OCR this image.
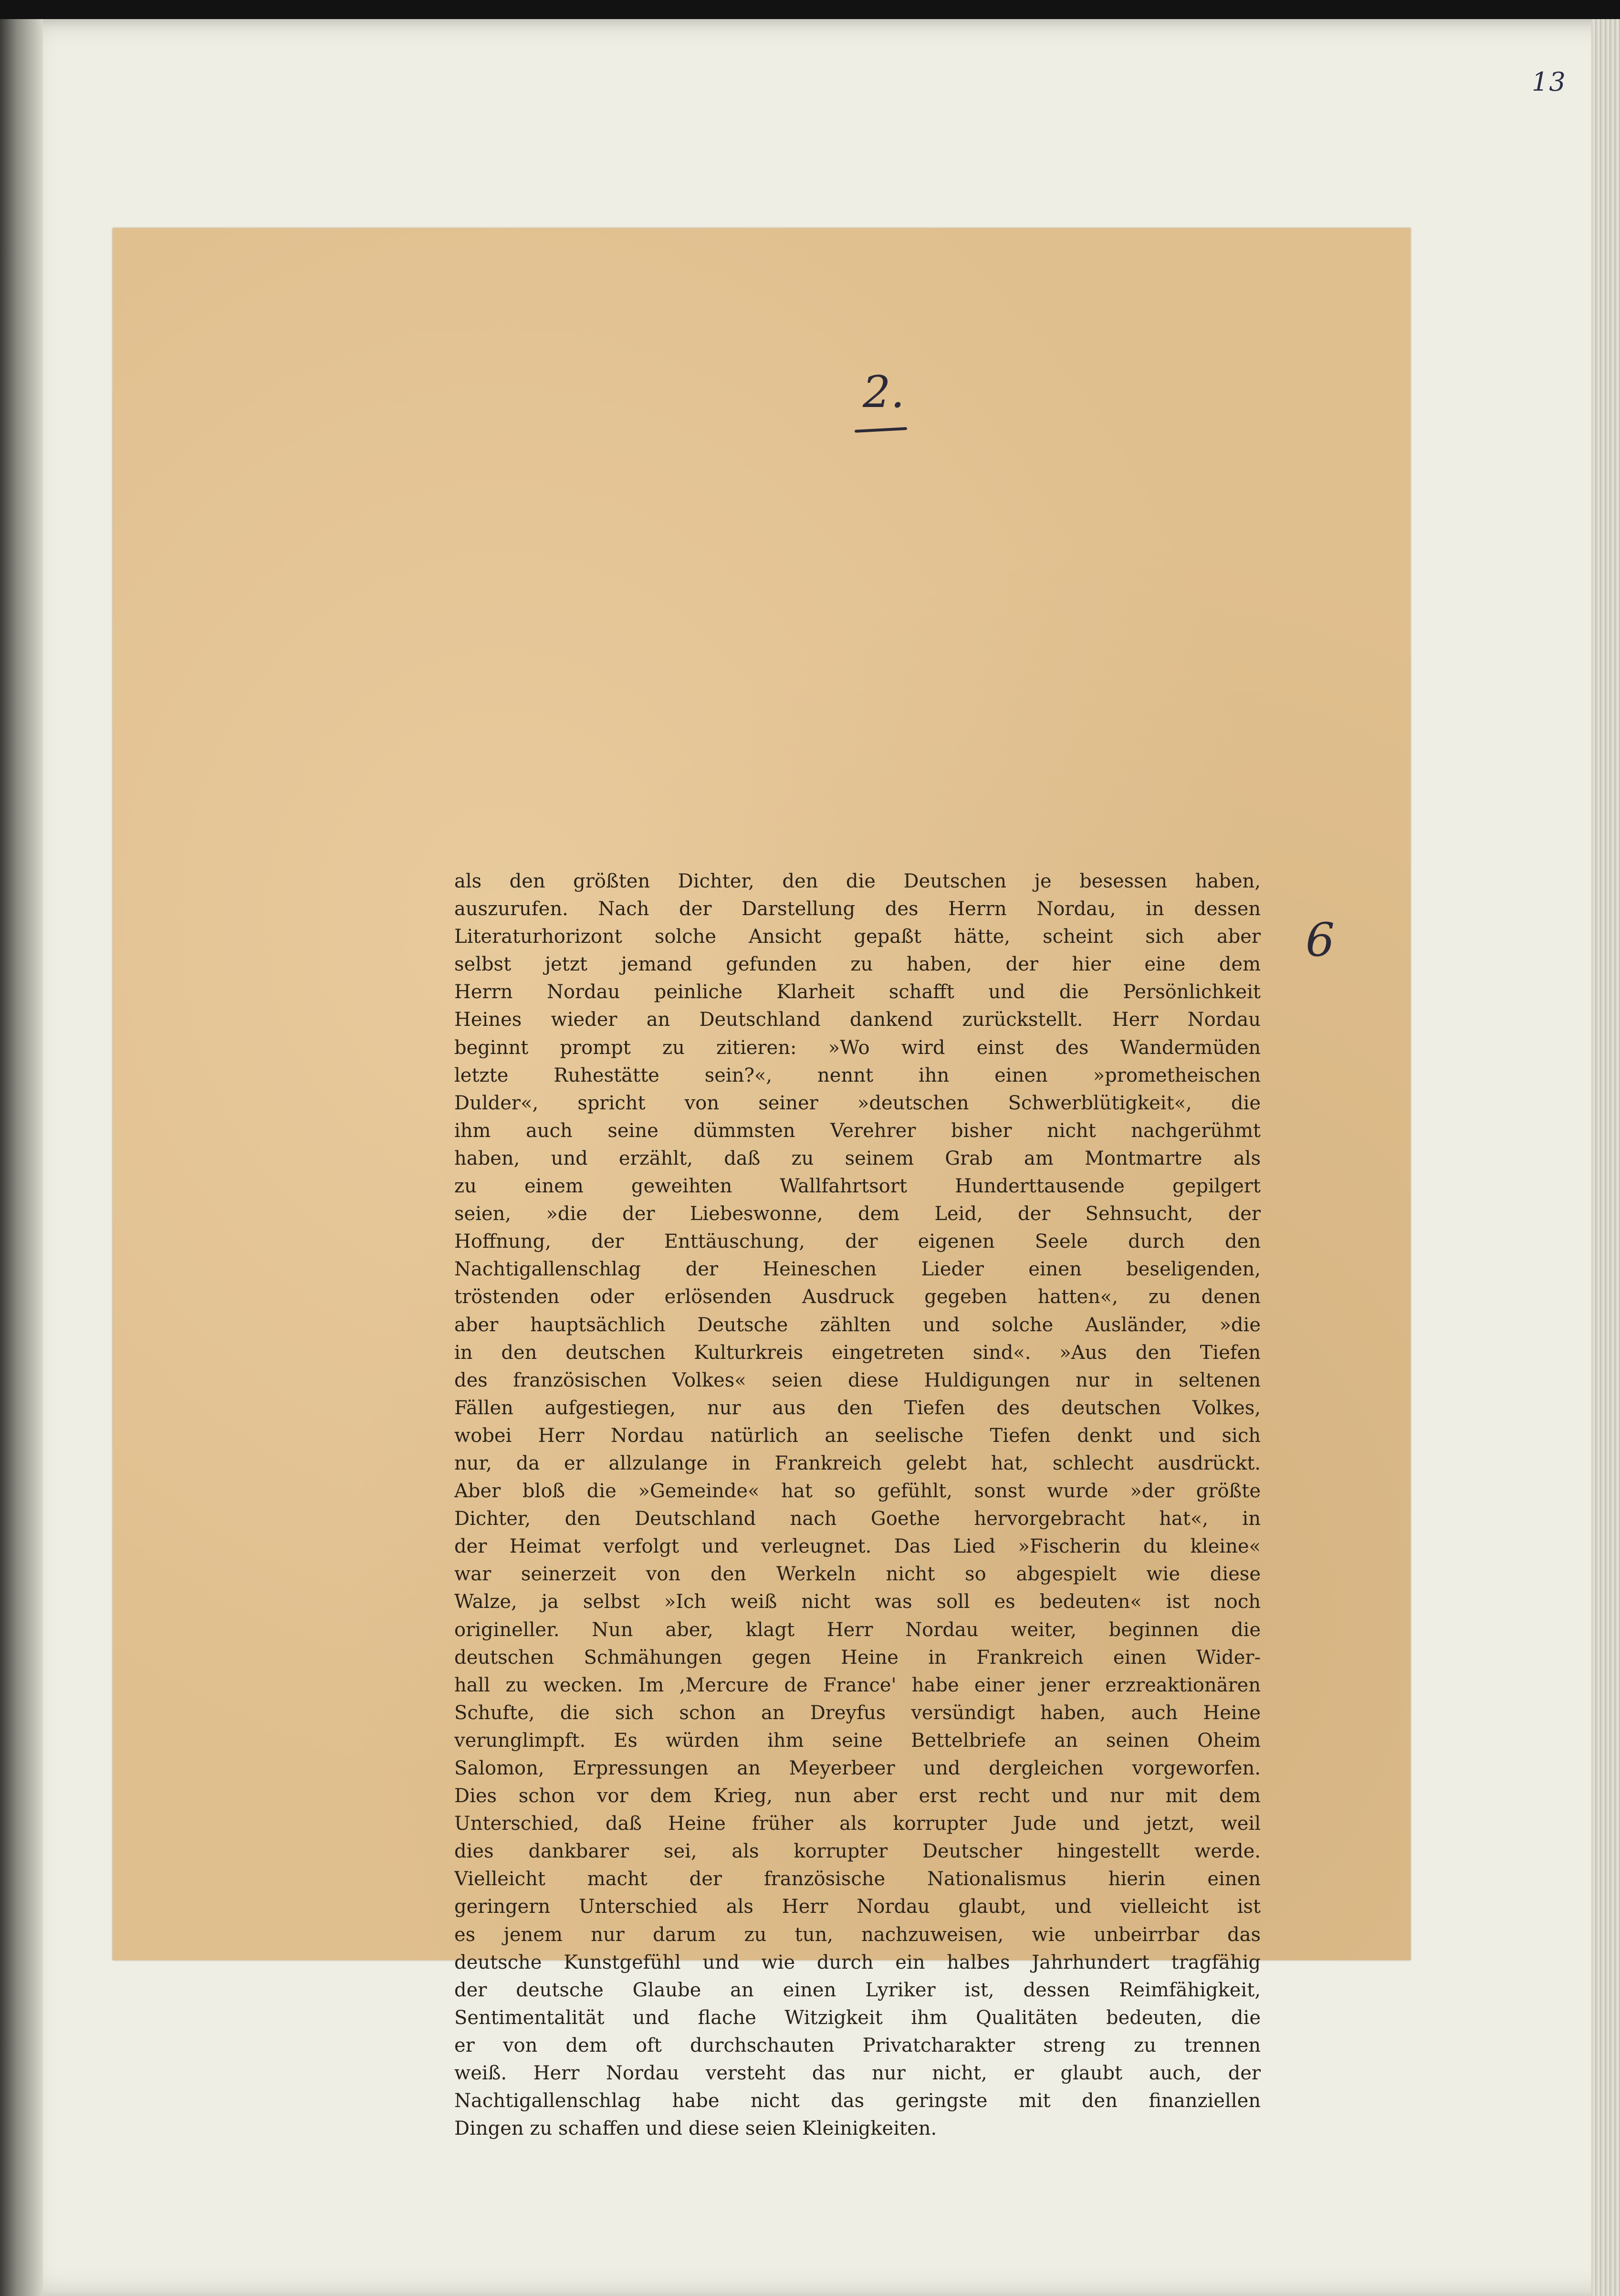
13
2.
als den größten Dichter, den die Deutschen je besessen haben,
auszurufen. Nach der Darstellung des Herrn Nordau, in dessen
Literaturhorizont solche Ansicht gepaßt hätte, scheint sich aber
selbst jetzt jemand gefunden zu haben, der hier eine dem
Herrn Nordau peinliche Klarheit schafft und die Persönlichkeit
Heines wieder an Deutschland dankend zurückstellt. Herr Nordau
beginnt prompt zu zitieren: »Wo wird einst des Wandermüden
letzte Ruhestätte sein?«, nennt ihn einen »prometheischen
Dulder«, spricht von seiner »deutschen Schwerblütigkeit«, die
ihm auch seine dümmsten Verehrer bisher nicht nachgerühmt
haben, und erzählt, daß zu seinem Grab am Montmartre als
zu einem geweihten Wallfahrtsort Hunderttausende gepilgert
seien, »die der Liebeswonne, dem Leid, der Sehnsucht, der
Hoffnung, der Enttäuschung, der eigenen Seele durch den
Nachtigallenschlag der Heineschen Lieder einen beseligenden,
tröstenden oder erlösenden Ausdruck gegeben hatten«, zu denen
aber hauptsächlich Deutsche zählten und solche Ausländer, »die
in den deutschen Kulturkreis eingetreten sind«. »Aus den Tiefen
des französischen Volkes« seien diese Huldigungen nur in seltenen
Fällen aufgestiegen, nur aus den Tiefen des deutschen Volkes,
wobei Herr Nordau natürlich an seelische Tiefen denkt und sich
nur, da er allzulange in Frankreich gelebt hat, schlecht ausdrückt.
Aber bloß die »Gemeinde« hat so gefühlt, sonst wurde »der größte
Dichter, den Deutschland nach Goethe hervorgebracht hat«, in
der Heimat verfolgt und verleugnet. Das Lied »Fischerin du kleine«
war seinerzeit von den Werkeln nicht so abgespielt wie diese
Walze, ja selbst »Ich weiß nicht was soll es bedeuten« ist noch
origineller. Nun aber, klagt Herr Nordau weiter, beginnen die
deutschen Schmähungen gegen Heine in Frankreich einen Wider-
hall zu wecken. Im ,Mercure de France' habe einer jener erzreaktionären
Schufte, die sich schon an Dreyfus versündigt haben, auch Heine
verunglimpft. Es würden ihm seine Bettelbriefe an seinen Oheim
Salomon, Erpressungen an Meyerbeer und dergleichen vorgeworfen.
Dies schon vor dem Krieg, nun aber erst recht und nur mit dem
Unterschied, daß Heine früher als korrupter Jude und jetzt, weil
dies dankbarer sei, als korrupter Deutscher hingestellt werde.
Vielleicht macht der französische Nationalismus hierin einen
geringern Unterschied als Herr Nordau glaubt, und vielleicht ist
es jenem nur darum zu tun, nachzuweisen, wie unbeirrbar das
deutsche Kunstgefühl und wie durch ein halbes Jahrhundert tragfähig
der deutsche Glaube an einen Lyriker ist, dessen Reimfähigkeit,
Sentimentalität und flache Witzigkeit ihm Qualitäten bedeuten, die
er von dem oft durchschauten Privatcharakter streng zu trennen
weiß. Herr Nordau versteht das nur nicht, er glaubt auch, der
Nachtigallenschlag habe nicht das geringste mit den finanziellen
Dingen zu schaffen und diese seien Kleinigkeiten.
6
